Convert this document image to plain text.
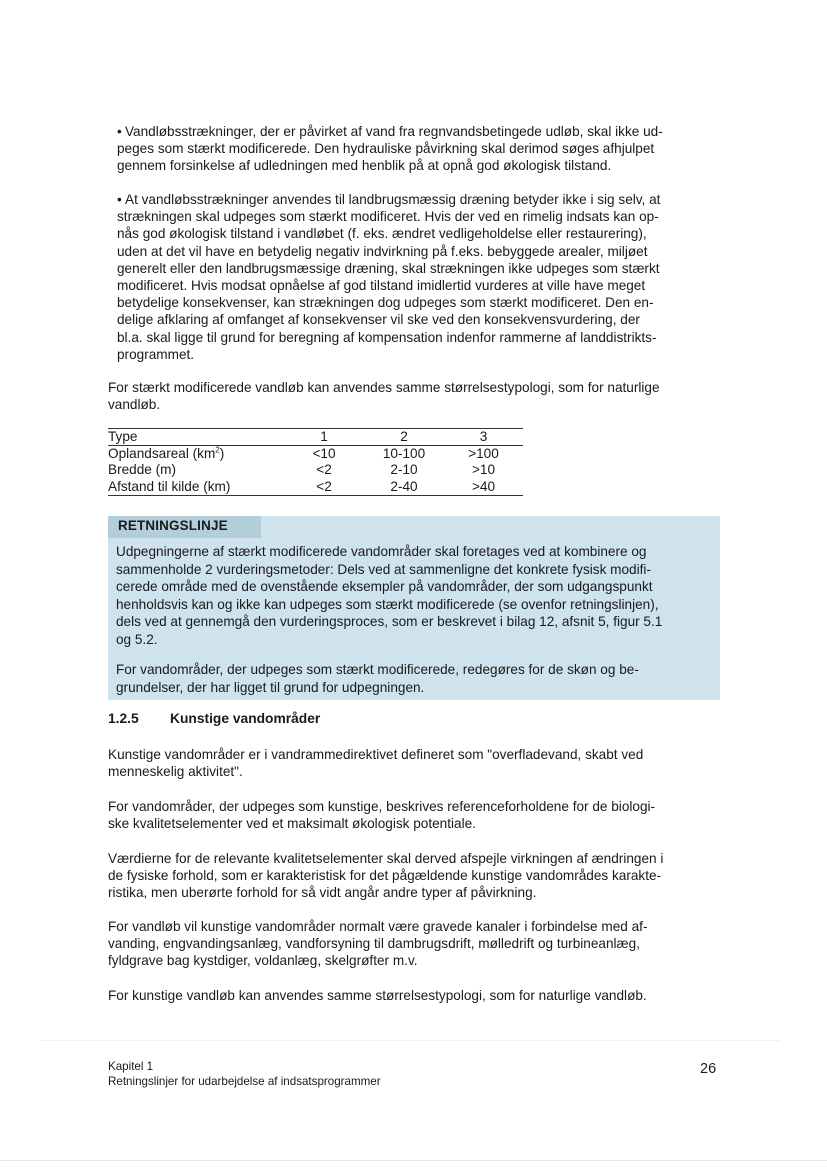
• Vandløbsstrækninger, der er påvirket af vand fra regnvandsbetingede udløb, skal ikke ud-
peges som stærkt modificerede. Den hydrauliske påvirkning skal derimod søges afhjulpet
gennem forsinkelse af udledningen med henblik på at opnå god økologisk tilstand.
• At vandløbsstrækninger anvendes til landbrugsmæssig dræning betyder ikke i sig selv, at
strækningen skal udpeges som stærkt modificeret. Hvis der ved en rimelig indsats kan op-
nås god økologisk tilstand i vandløbet (f. eks. ændret vedligeholdelse eller restaurering),
uden at det vil have en betydelig negativ indvirkning på f.eks. bebyggede arealer, miljøet
generelt eller den landbrugsmæssige dræning, skal strækningen ikke udpeges som stærkt
modificeret. Hvis modsat opnåelse af god tilstand imidlertid vurderes at ville have meget
betydelige konsekvenser, kan strækningen dog udpeges som stærkt modificeret. Den en-
delige afklaring af omfanget af konsekvenser vil ske ved den konsekvensvurdering, der
bl.a. skal ligge til grund for beregning af kompensation indenfor rammerne af landdistrikts-
programmet.
For stærkt modificerede vandløb kan anvendes samme størrelsestypologi, som for naturlige
vandløb.
Type	1	2	3
Oplandsareal $(km^2)$	<10	10-100	>100
Bredde (m)	<2	2-10	>10
Afstand til kilde (km)	<2	2-40	>40
RETNINGSLINJE
Udpegningerne af stærkt modificerede vandområder skal foretages ved at kombinere og
sammenholde 2 vurderingsmetoder: Dels ved at sammenligne det konkrete fysisk modifi-
cerede område med de ovenstående eksempler på vandområder, der som udgangspunkt
henholdsvis kan og ikke kan udpeges som stærkt modificerede (se ovenfor retningslinjen),
dels ved at gennemgå den vurderingsproces, som er beskrevet i bilag 12, afsnit 5, figur 5.1
og 5.2.
For vandområder, der udpeges som stærkt modificerede, redegøres for de skøn og be-
grundelser, der har ligget til grund for udpegningen.
1.2.5 Kunstige vandområder
Kunstige vandområder er i vandrammedirektivet defineret som "overfladevand, skabt ved
menneskelig aktivitet".
For vandområder, der udpeges som kunstige, beskrives referenceforholdene for de biologi-
ske kvalitetselementer ved et maksimalt økologisk potentiale.
Værdierne for de relevante kvalitetselementer skal derved afspejle virkningen af ændringen i
de fysiske forhold, som er karakteristisk for det pågældende kunstige vandområdes karakte-
ristika, men uberørte forhold for så vidt angår andre typer af påvirkning.
For vandløb vil kunstige vandområder normalt være gravede kanaler i forbindelse med af-
vanding, engvandingsanlæg, vandforsyning til dambrugsdrift, mølledrift og turbineanlæg,
fyldgrave bag kystdiger, voldanlæg, skelgrøfter m.v.
For kunstige vandløb kan anvendes samme størrelsestypologi, som for naturlige vandløb.
Kapitel 1
Retningslinjer for udarbejdelse af indsatsprogrammer
26
